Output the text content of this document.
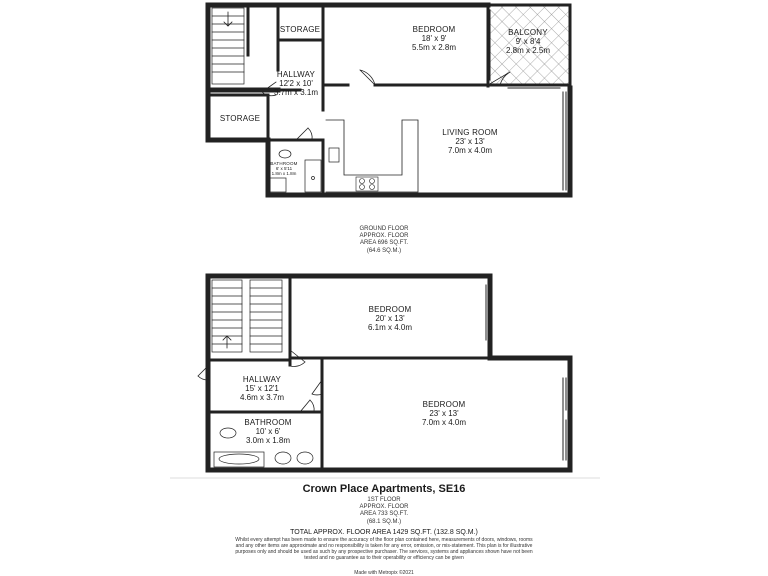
STORAGE	BEDROOM
18' x 9'
5.5m x 2.8m
BALCONY
9' x 8'4
2.8m x 2.5m
HALLWAY
12'2 x 10'
3.7m x 3.1m
STORAGE
LIVING ROOM
23' x 13'
7.0m x 4.0m
BATHROOM
6' x 5'11
1.8m x 1.8m
GROUND FLOOR
APPROX. FLOOR
AREA 696 SQ.FT.
(64.6 SQ.M.)
BEDROOM
20' x 13'
6.1m x 4.0m
HALLWAY
15' x 12'1
4.6m x 3.7m
BEDROOM
23' x 13'
7.0m x 4.0m
BATHROOM
10' x 6'
3.0m x 1.8m
Crown Place Apartments, SE16
1ST FLOOR
APPROX. FLOOR
AREA 733 SQ.FT.
(68.1 SQ.M.)
TOTAL APPROX. FLOOR AREA 1429 SQ.FT. (132.8 SQ.M.)
Whilst every attempt has been made to ensure the accuracy of the floor plan contained here, measurements of doors, windows, rooms and any other items are approximate and no responsibility is taken for any error, omission, or mis-statement. This plan is for illustrative purposes only and should be used as such by any prospective purchaser. The services, systems and appliances shown have not been tested and no guarantee as to their operability or efficiency can be given
Made with Metropix ©2021
